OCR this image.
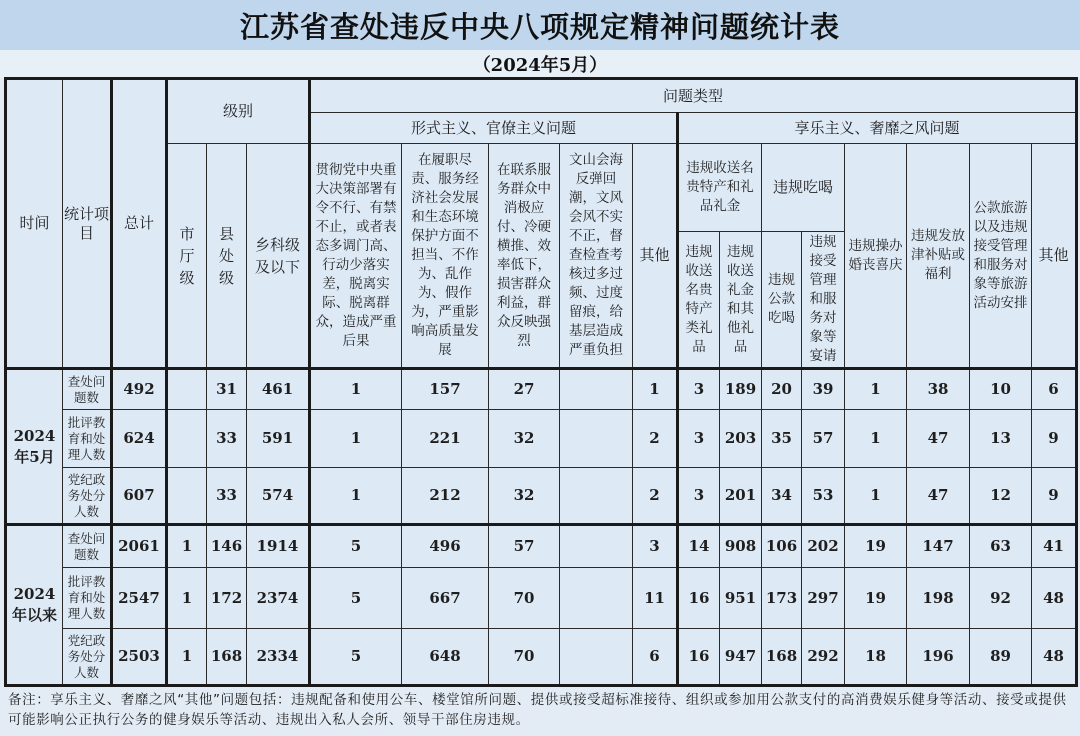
江苏省查处违反中央八项规定精神问题统计表
（2024年5月）
时间	统计项目	总计	级别			问题类型												
						形式主义、官僚主义问题					享乐主义、奢靡之风问题							

			市厅级	县处级	乡科级及以下	贯彻党中央重大决策部署有令不行、有禁不止，或者表态多调门高、行动少落实差，脱离实际、脱离群众，造成严重后果	在履职尽责、服务经济社会发展和生态环境保护方面不担当、不作为、乱作为、假作为，严重影响高质量发展	在联系服务群众中消极应付、冷硬横推、效率低下，损害群众利益，群众反映强烈	文山会海反弹回潮，文风会风不实不正，督查检查考核过多过频、过度留痕，给基层造成严重负担	其他	违规收送名贵特产和礼品礼金		违规吃喝		违规操办婚丧喜庆	违规发放津补贴或福利	公款旅游以及违规接受管理和服务对象等旅游活动安排	其他
											违规收送名贵特产类礼品	违规收送礼金和其他礼品	违规公款吃喝	违规接受管理和服务对象等宴请				
2024年5月	查处问题数	492		31	461	1	157	27		1	3	189	20	39	1	38	10	6

	批评教育和处理人数	624		33	591	1	221	32		2	3	203	35	57	1	47	13	9

	党纪政务处分人数	607		33	574	1	212	32		2	3	201	34	53	1	47	12	9

2024年以来	查处问题数	2061	1	146	1914	5	496	57		3	14	908	106	202	19	147	63	41

	批评教育和处理人数	2547	1	172	2374	5	667	70		11	16	951	173	297	19	198	92	48

	党纪政务处分人数	2503	1	168	2334	5	648	70		6	16	947	168	292	18	196	89	48
备注：享乐主义、奢靡之风“其他”问题包括：违规配备和使用公车、楼堂馆所问题、提供或接受超标准接待、组织或参加用公款支付的高消费娱乐健身等活动、接受或提供可能影响公正执行公务的健身娱乐等活动、违规出入私人会所、领导干部住房违规。
